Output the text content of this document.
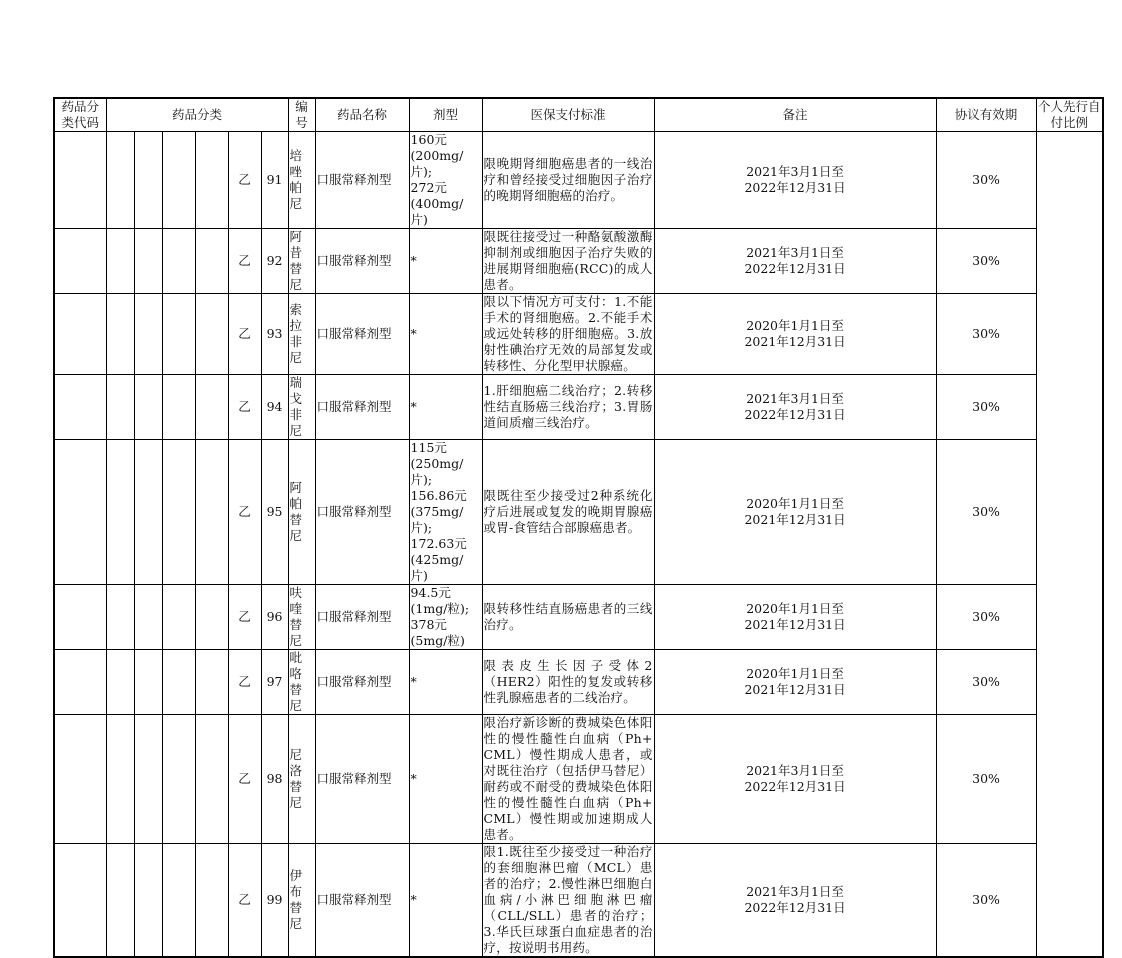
药品分类代码	药品分类						编号	药品名称	剂型	医保支付标准	备注	协议有效期	个人先行自付比例
					乙	91	培唑帕尼	口服常释剂型	160元(200mg/片);
272元(400mg/片)	限晚期肾细胞癌患者的一线治疗和曾经接受过细胞因子治疗的晚期肾细胞癌的治疗。	2021年3月1日至
2022年12月31日	30%	
					乙	92	阿昔替尼	口服常释剂型	*	限既往接受过一种酪氨酸激酶抑制剂或细胞因子治疗失败的进展期肾细胞癌(RCC)的成人患者。	2021年3月1日至
2022年12月31日	30%	
					乙	93	索拉非尼	口服常释剂型	*	限以下情况方可支付：1.不能手术的肾细胞癌。2.不能手术或远处转移的肝细胞癌。3.放射性碘治疗无效的局部复发或转移性、分化型甲状腺癌。	2020年1月1日至
2021年12月31日	30%	
					乙	94	瑞戈非尼	口服常释剂型	*	1.肝细胞癌二线治疗；2.转移性结直肠癌三线治疗；3.胃肠道间质瘤三线治疗。	2021年3月1日至
2022年12月31日	30%	
					乙	95	阿帕替尼	口服常释剂型	115元(250mg/片);
156.86元(375mg/片);
172.63元(425mg/片)	限既往至少接受过2种系统化疗后进展或复发的晚期胃腺癌或胃-食管结合部腺癌患者。	2020年1月1日至
2021年12月31日	30%	
					乙	96	呋喹替尼	口服常释剂型	94.5元(1mg/粒);
378元(5mg/粒)	限转移性结直肠癌患者的三线治疗。	2020年1月1日至
2021年12月31日	30%	
					乙	97	吡咯替尼	口服常释剂型	*	限表皮生长因子受体2（HER2）阳性的复发或转移性乳腺癌患者的二线治疗。	2020年1月1日至
2021年12月31日	30%	
					乙	98	尼洛替尼	口服常释剂型	*	限治疗新诊断的费城染色体阳性的慢性髓性白血病（Ph+ CML）慢性期成人患者，或对既往治疗（包括伊马替尼）耐药或不耐受的费城染色体阳性的慢性髓性白血病（Ph+ CML）慢性期或加速期成人患者。	2021年3月1日至
2022年12月31日	30%	
					乙	99	伊布替尼	口服常释剂型	*	限1.既往至少接受过一种治疗的套细胞淋巴瘤（MCL）患者的治疗；2.慢性淋巴细胞白血病/小淋巴细胞淋巴瘤（CLL/SLL）患者的治疗；3.华氏巨球蛋白血症患者的治疗，按说明书用药。	2021年3月1日至
2022年12月31日	30%	
